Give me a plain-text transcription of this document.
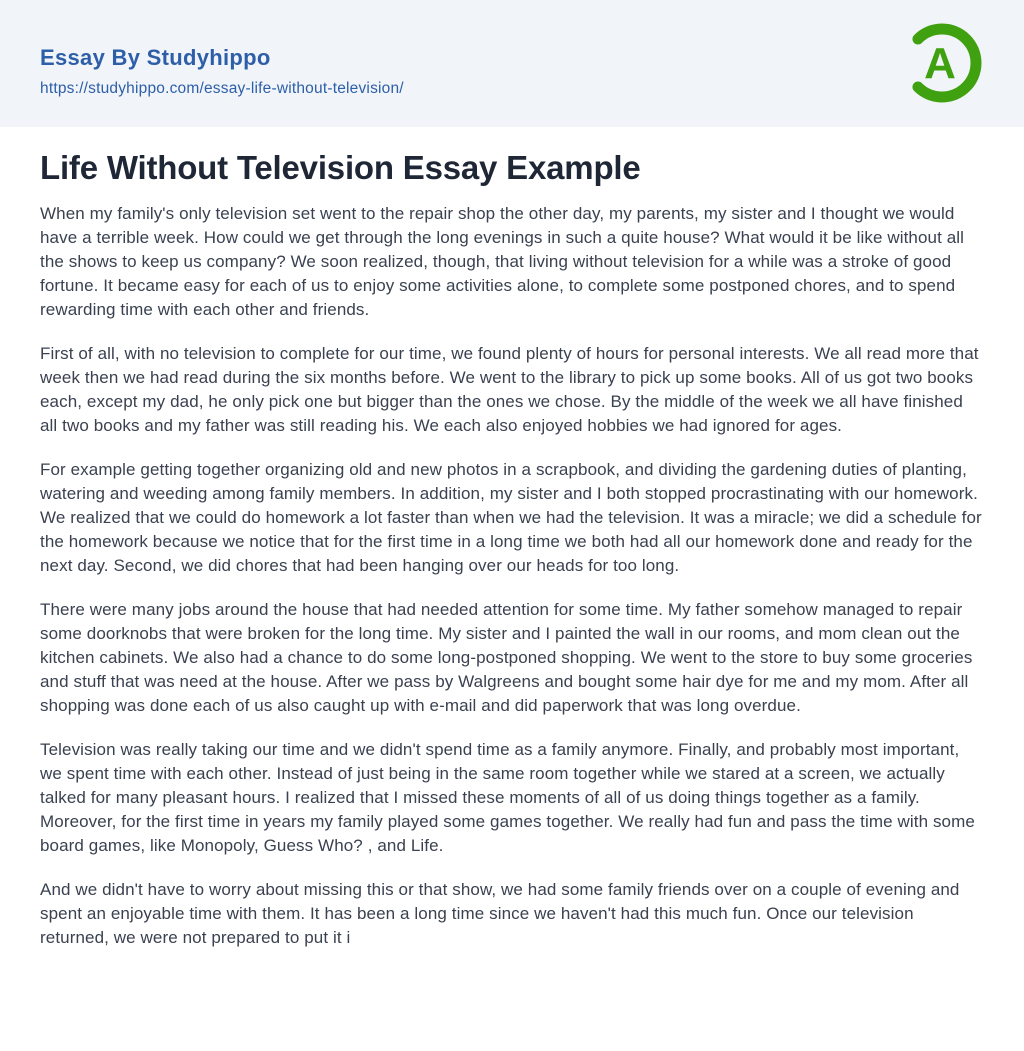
Essay By Studyhippo
https://studyhippo.com/essay-life-without-television/
A
Life Without Television Essay Example

When my family's only television set went to the repair shop the other day, my parents, my sister and I thought we would have a terrible week. How could we get through the long evenings in such a quite house? What would it be like without all the shows to keep us company? We soon realized, though, that living without television for a while was a stroke of good fortune. It became easy for each of us to enjoy some activities alone, to complete some postponed chores, and to spend rewarding time with each other and friends.

First of all, with no television to complete for our time, we found plenty of hours for personal interests. We all read more that week then we had read during the six months before. We went to the library to pick up some books. All of us got two books each, except my dad, he only pick one but bigger than the ones we chose. By the middle of the week we all have finished all two books and my father was still reading his. We each also enjoyed hobbies we had ignored for ages.

For example getting together organizing old and new photos in a scrapbook, and dividing the gardening duties of planting, watering and weeding among family members. In addition, my sister and I both stopped procrastinating with our homework. We realized that we could do homework a lot faster than when we had the television. It was a miracle; we did a schedule for the homework because we notice that for the first time in a long time we both had all our homework done and ready for the next day. Second, we did chores that had been hanging over our heads for too long.

There were many jobs around the house that had needed attention for some time. My father somehow managed to repair some doorknobs that were broken for the long time. My sister and I painted the wall in our rooms, and mom clean out the kitchen cabinets. We also had a chance to do some long-postponed shopping. We went to the store to buy some groceries and stuff that was need at the house. After we pass by Walgreens and bought some hair dye for me and my mom. After all shopping was done each of us also caught up with e-mail and did paperwork that was long overdue.

Television was really taking our time and we didn't spend time as a family anymore. Finally, and probably most important, we spent time with each other. Instead of just being in the same room together while we stared at a screen, we actually talked for many pleasant hours. I realized that I missed these moments of all of us doing things together as a family. Moreover, for the first time in years my family played some games together. We really had fun and pass the time with some board games, like Monopoly, Guess Who? , and Life.

And we didn't have to worry about missing this or that show, we had some family friends over on a couple of evening and spent an enjoyable time with them. It has been a long time since we haven't had this much fun. Once our television returned, we were not prepared to put it i
